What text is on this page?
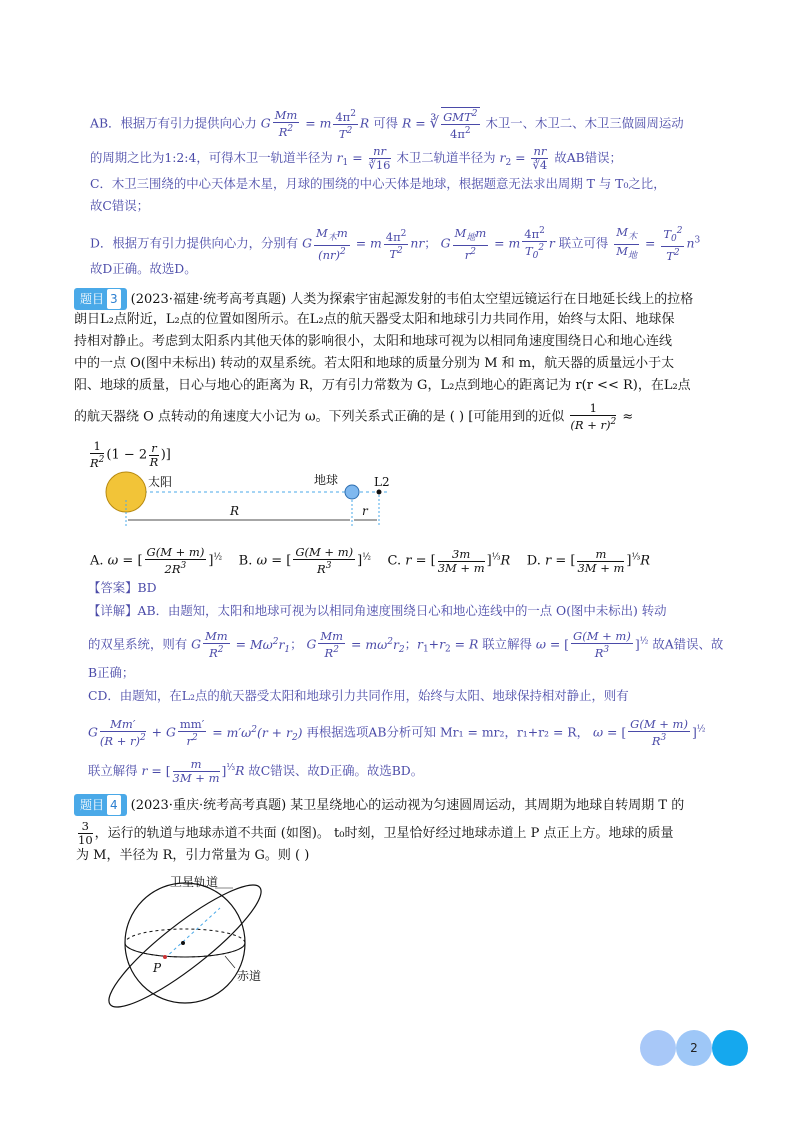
AB．根据万有引力提供向心力 G $\frac{Mm}{R^2} = m \frac{4\pi^2}{T^2}$ R 可得 R = ∛ $\frac{GMT^2}{4\pi^2}$ 木卫一、木卫二、木卫三做圆周运动
的周期之比为1:2:4，可得木卫一轨道半径为 $r_1 = \frac{nr}{∛16}$ 木卫二轨道半径为 $r_2 = \frac{nr}{∛4}$ 故AB错误；
C．木卫三围绕的中心天体是木星，月球的围绕的中心天体是地球，根据题意无法求出周期 T 与 T₀之比，
故C错误；
D．根据万有引力提供向心力，分别有 G $\frac{M_木m}{(nr)^2} = m \frac{4\pi^2}{T^2}$ nr； G $\frac{M_地m}{r^2} = m \frac{4\pi^2}{T_0^2}$ r 联立可得 $\frac{M_木}{M_地} = \frac{T_0^2}{T^2} n^3$
故D正确。故选D。
题目 3 (2023·福建·统考高考真题) 人类为探索宇宙起源发射的韦伯太空望远镜运行在日地延长线上的拉格
朗日L₂点附近，L₂点的位置如图所示。在L₂点的航天器受太阳和地球引力共同作用，始终与太阳、地球保
持相对静止。考虑到太阳系内其他天体的影响很小，太阳和地球可视为以相同角速度围绕日心和地心连线
中的一点 O(图中未标出) 转动的双星系统。若太阳和地球的质量分别为 M 和 m，航天器的质量远小于太
阳、地球的质量，日心与地心的距离为 R，万有引力常数为 G，L₂点到地心的距离记为 r(r << R)，在L₂点
的航天器绕 O 点转动的角速度大小记为 ω。下列关系式正确的是 ( ) [可能用到的近似 $\frac{1}{(R + r)^2}$ ≈
$\frac{1}{R^2} (1 - 2 \frac{r}{R}$ )]
太阳	地球	L2
R	r
A. ω = [ $\frac{G(M + m)}{2R^3} ]^{\frac{1}{2}}$ B. ω = [ $\frac{G(M + m)}{R^3} ]^{\frac{1}{2}}$ C. r = [ $\frac{3m}{3M + m} ]^{\frac{1}{3}}R$ D. r = [ $\frac{m}{3M + m} ]^{\frac{1}{3}}R$
【答案】BD
【详解】AB．由题知，太阳和地球可视为以相同角速度围绕日心和地心连线中的一点 O(图中未标出) 转动
的双星系统，则有 G $\frac{Mm}{R^2} = M\omega^2r_1$； G $\frac{Mm}{R^2} = m\omega^2r_2$；$r_1+r_2 = R$ 联立解得 ω = [ $\frac{G(M + m)}{R^3} ]^{\frac{1}{2}}$ 故A错误、故
B正确；
CD．由题知，在L₂点的航天器受太阳和地球引力共同作用，始终与太阳、地球保持相对静止，则有
G $\frac{Mm'}{(R + r)^2} + G \frac{mm'}{r^2} = m'\omega^2(r + r_2)$ 再根据选项AB分析可知 Mr₁ = mr₂，r₁+r₂ = R， ω = [ $\frac{G(M + m)}{R^3} ]^{\frac{1}{2}}$
联立解得 r = [ $\frac{m}{3M + m} ]^{\frac{1}{3}}R$ 故C错误、故D正确。故选BD。
题目 4 (2023·重庆·统考高考真题) 某卫星绕地心的运动视为匀速圆周运动，其周期为地球自转周期 T 的
$\frac{3}{10}$ ，运行的轨道与地球赤道不共面 (如图)。 t₀时刻，卫星恰好经过地球赤道上 P 点正上方。地球的质量
为 M，半径为 R，引力常量为 G。则 ( )
P
卫星轨道
赤道
2
